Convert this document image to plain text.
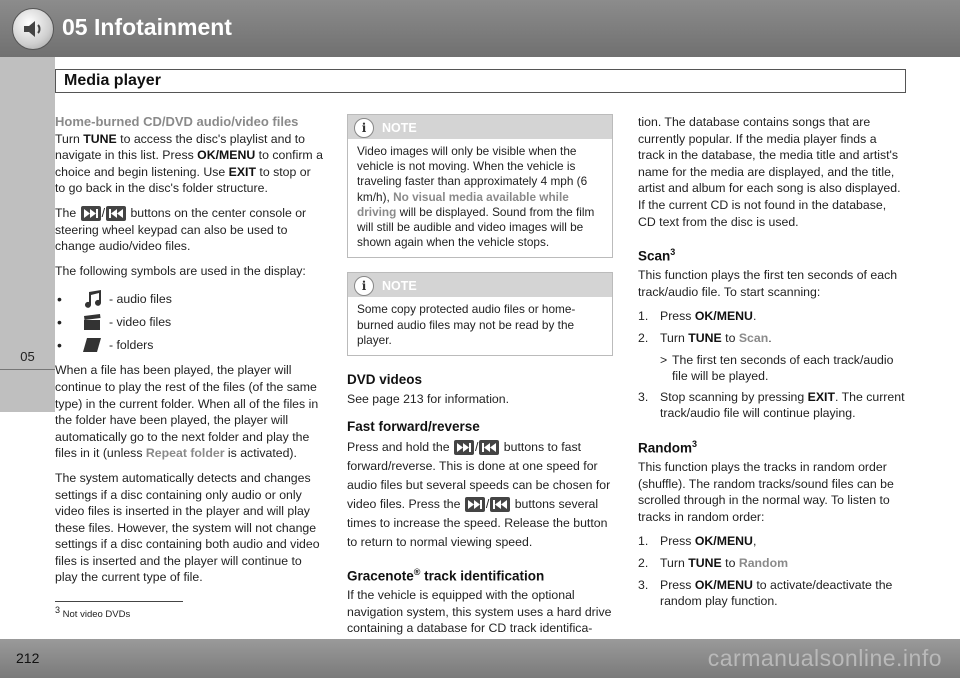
05 Infotainment
Media player
05
Home-burned CD/DVD audio/video files

Turn TUNE to access the disc's playlist and to navigate in this list. Press OK/MENU to confirm a choice and begin listening. Use EXIT to stop or to go back in the disc's folder structure.

The
/
buttons on the center console or steering wheel keypad can also be used to change audio/video files.

The following symbols are used in the display:

•	- audio files
•	- video files
•	- folders

When a file has been played, the player will continue to play the rest of the files (of the same type) in the current folder. When all of the files in the folder have been played, the player will automatically go to the next folder and play the files in it (unless Repeat folder is activated).

The system automatically detects and changes settings if a disc containing only audio or only video files is inserted in the player and will play these files. However, the system will not change settings if a disc containing both audio and video files is inserted and the player will continue to play the current type of file.

i	NOTE
Video images will only be visible when the vehicle is not moving. When the vehicle is traveling faster than approximately 4 mph (6 km/h), No visual media available while driving will be displayed. Sound from the film will still be audible and video images will be shown again when the vehicle stops.
i	NOTE
Some copy protected audio files or home-burned audio files may not be read by the player.
DVD videos

See page 213 for information.

Fast forward/reverse

Press and hold the
/
buttons to fast forward/reverse. This is done at one speed for audio files but several speeds can be chosen for video files. Press the
/
buttons several times to increase the speed. Release the button to return to normal viewing speed.

Gracenote® track identification

If the vehicle is equipped with the optional navigation system, this system uses a hard drive containing a database for CD track identifica-

tion. The database contains songs that are currently popular. If the media player finds a track in the database, the media title and artist's name for the media are displayed, and the title, artist and album for each song is also displayed. If the current CD is not found in the database, CD text from the disc is used.

Scan$^3$

This function plays the first ten seconds of each track/audio file. To start scanning:

1. Press OK/MENU.
2. Turn TUNE to Scan.
> The first ten seconds of each track/audio file will be played.
3. Stop scanning by pressing EXIT. The current track/audio file will continue playing.
Random$^3$

This function plays the tracks in random order (shuffle). The random tracks/sound files can be scrolled through in the normal way. To listen to tracks in random order:

1. Press OK/MENU,
2. Turn TUNE to Random
3. Press OK/MENU to activate/deactivate the random play function.
$^3$ Not video DVDs
212	carmanualsonline.info
